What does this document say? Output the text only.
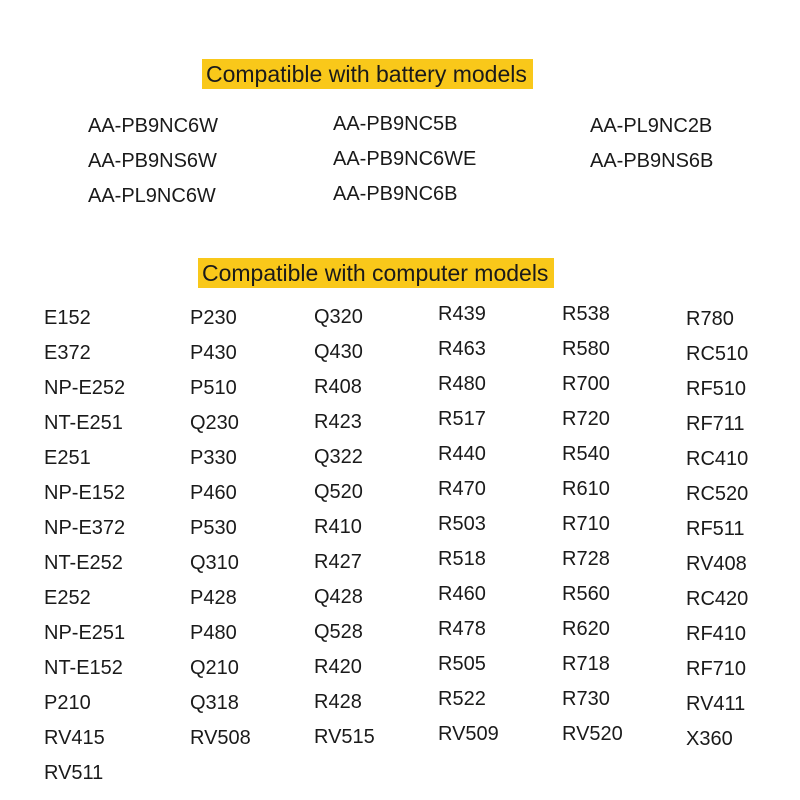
Compatible with battery models
AA-PB9NC6W
AA-PB9NS6W
AA-PL9NC6W
AA-PB9NC5B
AA-PB9NC6WE
AA-PB9NC6B
AA-PL9NC2B
AA-PB9NS6B
Compatible with computer models
E152
E372
NP-E252
NT-E251
E251
NP-E152
NP-E372
NT-E252
E252
NP-E251
NT-E152
P210
RV415
RV511
P230
P430
P510
Q230
P330
P460
P530
Q310
P428
P480
Q210
Q318
RV508
Q320
Q430
R408
R423
Q322
Q520
R410
R427
Q428
Q528
R420
R428
RV515
R439
R463
R480
R517
R440
R470
R503
R518
R460
R478
R505
R522
RV509
R538
R580
R700
R720
R540
R610
R710
R728
R560
R620
R718
R730
RV520
R780
RC510
RF510
RF711
RC410
RC520
RF511
RV408
RC420
RF410
RF710
RV411
X360
